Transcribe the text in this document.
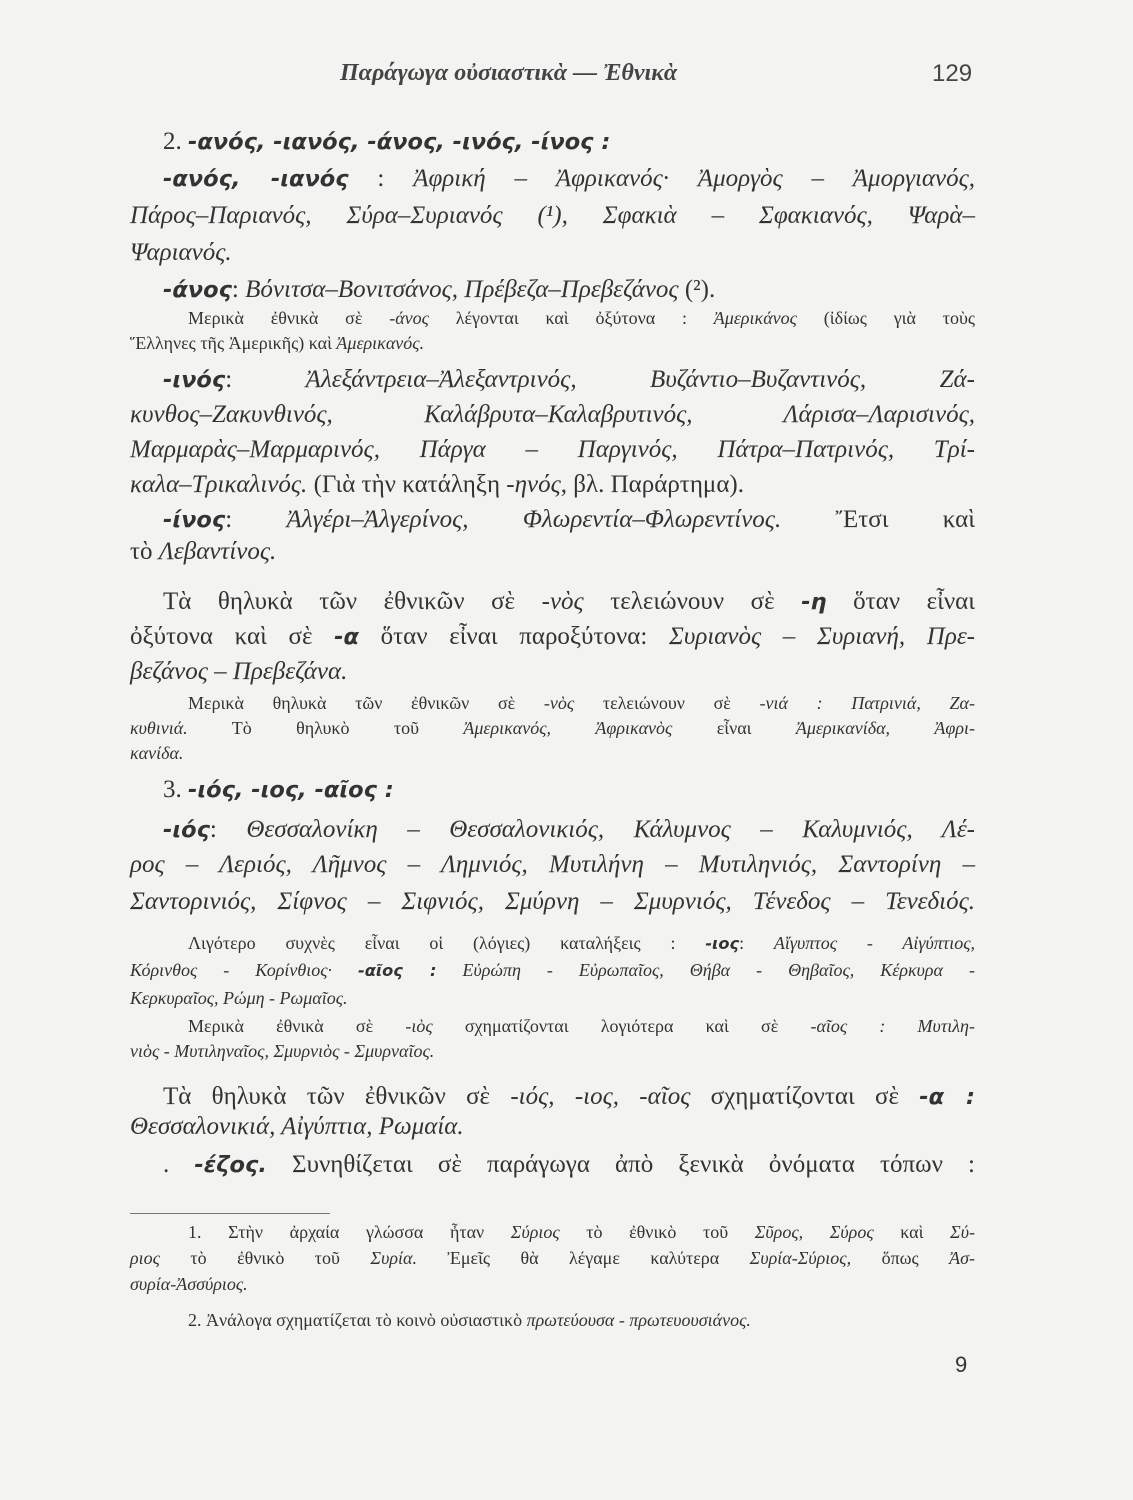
Παράγωγα οὐσιαστικὰ — Ἐθνικὰ	129
2. -ανός, -ιανός, -άνος, -ινός, -ίνος :
-ανός, -ιανός : Ἀφρική – Ἀφρικανός· Ἀμοργὸς – Ἀμοργιανός,
Πάρος–Παριανός, Σύρα–Συριανός (¹), Σφακιὰ – Σφακιανός, Ψαρὰ–
Ψαριανός.
-άνος: Βόνιτσα–Βονιτσάνος, Πρέβεζα–Πρεβεζάνος (²).
Μερικὰ ἐθνικὰ σὲ -άνος λέγονται καὶ ὀξύτονα : Ἀμερικάνος (ἰδίως γιὰ τοὺς
Ἕλληνες τῆς Ἀμερικῆς) καὶ Ἀμερικανός.
-ινός: Ἀλεξάντρεια–Ἀλεξαντρινός, Βυζάντιο–Βυζαντινός, Ζά-
κυνθος–Ζακυνθινός, Καλάβρυτα–Καλαβρυτινός, Λάρισα–Λαρισινός,
Μαρμαρὰς–Μαρμαρινός, Πάργα – Παργινός, Πάτρα–Πατρινός, Τρί-
καλα–Τρικαλινός. (Γιὰ τὴν κατάληξη -ηνός, βλ. Παράρτημα).
-ίνος: Ἀλγέρι–Ἀλγερίνος, Φλωρεντία–Φλωρεντίνος. Ἔτσι καὶ
τὸ Λεβαντίνος.
Τὰ θηλυκὰ τῶν ἐθνικῶν σὲ -νὸς τελειώνουν σὲ -η ὅταν εἶναι
ὀξύτονα καὶ σὲ -α ὅταν εἶναι παροξύτονα: Συριανὸς – Συριανή, Πρε-
βεζάνος – Πρεβεζάνα.
Μερικὰ θηλυκὰ τῶν ἐθνικῶν σὲ -νὸς τελειώνουν σὲ -νιά : Πατρινιά, Ζα-
κυθινιά. Τὸ θηλυκὸ τοῦ Ἀμερικανός, Ἀφρικανὸς εἶναι Ἀμερικανίδα, Ἀφρι-
κανίδα.
3. -ιός, -ιος, -αῖος :
-ιός: Θεσσαλονίκη – Θεσσαλονικιός, Κάλυμνος – Καλυμνιός, Λέ-
ρος – Λεριός, Λῆμνος – Λημνιός, Μυτιλήνη – Μυτιληνιός, Σαντορίνη –
Σαντορινιός, Σίφνος – Σιφνιός, Σμύρνη – Σμυρνιός, Τένεδος – Τενεδιός.
Λιγότερο συχνὲς εἶναι οἱ (λόγιες) καταλήξεις : -ιος: Αἴγυπτος - Αἰγύπτιος,
Κόρινθος - Κορίνθιος· -αῖος : Εὐρώπη - Εὐρωπαῖος, Θήβα - Θηβαῖος, Κέρκυρα -
Κερκυραῖος, Ρώμη - Ρωμαῖος.
Μερικὰ ἐθνικὰ σὲ -ιὸς σχηματίζονται λογιότερα καὶ σὲ -αῖος : Μυτιλη-
νιὸς - Μυτιληναῖος, Σμυρνιὸς - Σμυρναῖος.
Τὰ θηλυκὰ τῶν ἐθνικῶν σὲ -ιός, -ιος, -αῖος σχηματίζονται σὲ -α :
Θεσσαλονικιά, Αἰγύπτια, Ρωμαία.
. -έζος. Συνηθίζεται σὲ παράγωγα ἀπὸ ξενικὰ ὀνόματα τόπων :
1. Στὴν ἀρχαία γλώσσα ἦταν Σύριος τὸ ἐθνικὸ τοῦ Σῦρος, Σύρος καὶ Σύ-
ριος τὸ ἐθνικὸ τοῦ Συρία. Ἐμεῖς θὰ λέγαμε καλύτερα Συρία-Σύριος, ὅπως Ἀσ-
συρία-Ἀσσύριος.
2. Ἀνάλογα σχηματίζεται τὸ κοινὸ οὐσιαστικὸ πρωτεύουσα - πρωτευουσιάνος.
9
